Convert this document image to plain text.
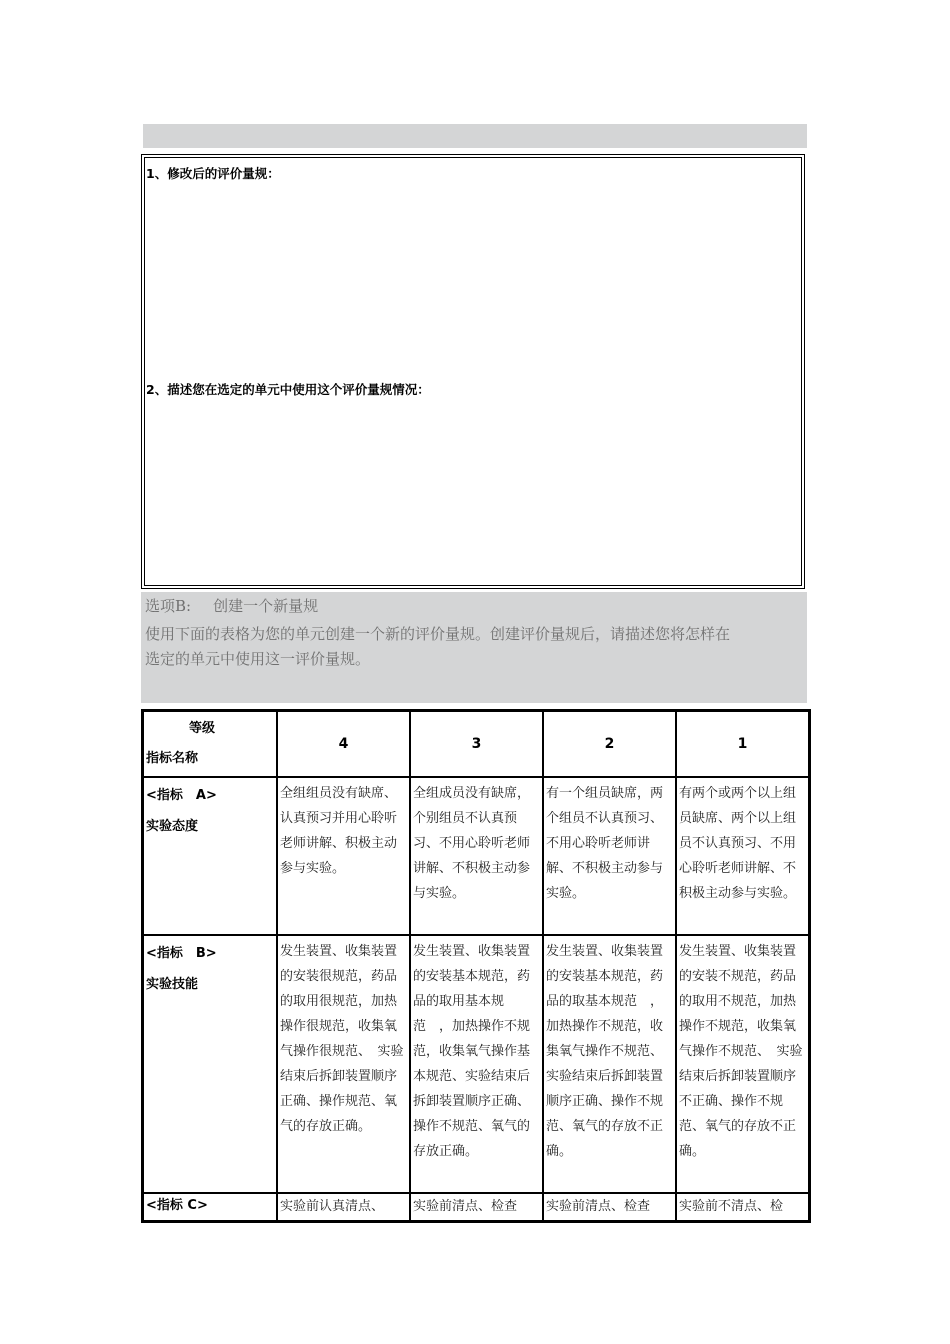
1、修改后的评价量规：
2、描述您在选定的单元中使用这个评价量规情况：

选项B: 创建一个新量规

使用下面的表格为您的单元创建一个新的评价量规。创建评价量规后，请描述您将怎样在
选定的单元中使用这一评价量规。

等级
指标名称	4	3	2	1

<指标　A>
实验态度	全组组员没有缺席、认真预习并用心聆听老师讲解、积极主动参与实验。	全组成员没有缺席，个别组员不认真预习、不用心聆听老师讲解、不积极主动参与实验。	有一个组员缺席，两个组员不认真预习、不用心聆听老师讲解、不积极主动参与实验。	有两个或两个以上组员缺席、两个以上组员不认真预习、不用心聆听老师讲解、不积极主动参与实验。

<指标　B>
实验技能	发生装置、收集装置的安装很规范，药品的取用很规范，加热操作很规范，收集氧气操作很规范、　实验结束后拆卸装置顺序正确、操作规范、氧气的存放正确。	发生装置、收集装置的安装基本规范，药品的取用基本规范　，加热操作不规范，收集氧气操作基本规范、实验结束后拆卸装置顺序正确、操作不规范、氧气的存放正确。	发生装置、收集装置的安装基本规范，药品的取基本规范　，加热操作不规范，收集氧气操作不规范、　实验结束后拆卸装置顺序正确、操作不规范、氧气的存放不正确。	发生装置、收集装置的安装不规范，药品的取用不规范，加热操作不规范，收集氧气操作不规范、　实验结束后拆卸装置顺序不正确、操作不规范、氧气的存放不正确。

<指标 C>	实验前认真清点、	实验前清点、检查	实验前清点、检查	实验前不清点、检
